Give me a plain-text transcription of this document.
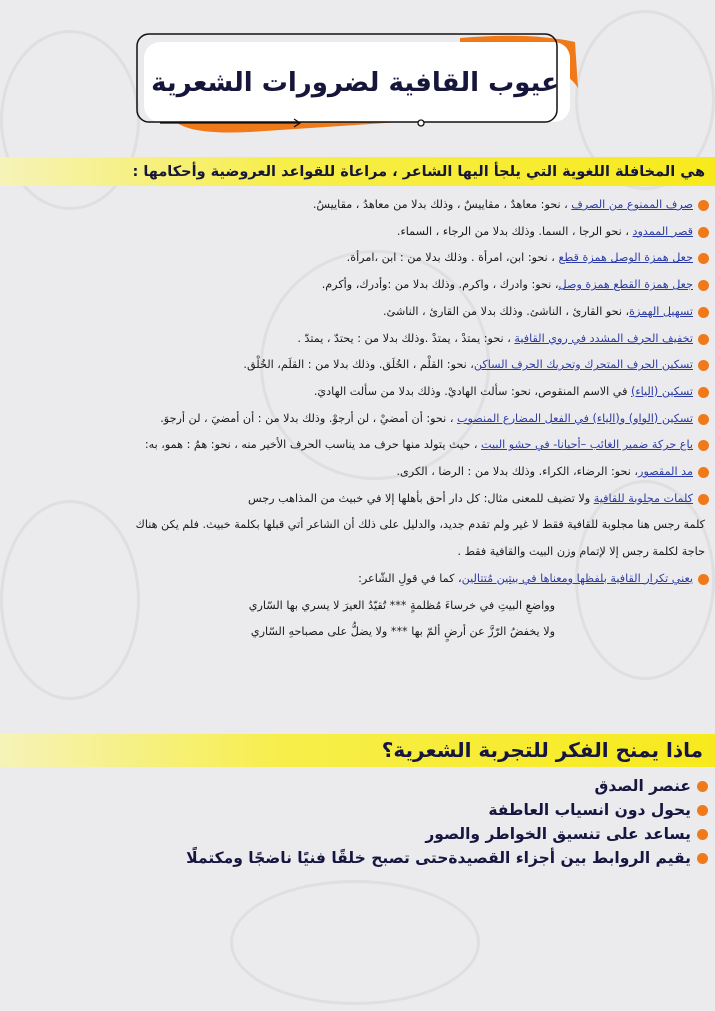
عيوب القافية لضرورات الشعرية
هي المخافلة اللغوية التي يلجأ اليها الشاعر ، مراعاة للقواعد العروضية وأحكامها :
صرف الممنوع من الصرف ، نحو: معاهدٌ ، مقاييسٌ ، وذلك بدلا من معاهدُ ، مقاييسُ.
قصر الممدود ، نحو الرجا ، السما. وذلك بدلا من الرجاء ، السماء.
جعل همزة الوصل همزة قطع ، نحو: ابن، امرأة . وذلك بدلا من : ابن ،امرأة.
جعل همزة القطع همزة وصل، نحو: وادرك ، واكرم. وذلك بدلا من :وأدرك، وأكرم.
تسهيل الهمزة، نحو القارئ ، الناشئ. وذلك بدلا من القارئ ، الناشئ.
تخفيف الحرف المشدد في روي القافية ، نحو: يمتدْ ، يمتدْ .وذلك بدلا من : يحتدّ ، يمتدّ .
تسكين الحرف المتحرك وتحريك الحرف الساكن، نحو: القلْم ، الخُلَق. وذلك بدلا من : القلَم، الخُلْق.
تسكين (الياء) في الاسم المنقوص، نحو: سألت الهاديْ. وذلك بدلا من سألت الهاديَ.
تسكين (الواو) و(الياء) في الفعل المضارع المنصوب ، نحو: أن أمضيْ ، لن أرجوْ. وذلك بدلا من : أن أمضيَ ، لن أرجوَ.
باع حركة ضمير الغائب –أحيانا- في حشو البيت ، حيث يتولد منها حرف مد يناسب الحرف الأخير منه ، نحو: همُ : همو، به:
مد المقصور، نحو: الرضاء، الكراء. وذلك بدلا من : الرضا ، الكرى.
كلمات مجلوبة للقافية ولا تضيف للمعنى مثال: كل دار أحق بأهلها إلا في خبيث من المذاهب رجس
كلمة رجس هنا مجلوبة للقافية فقط لا غير ولم تقدم جديد، والدليل على ذلك أن الشاعر أتي قبلها بكلمة خبيث. فلم يكن هناك
حاجة لكلمة رجس إلا لإتمام وزن البيت والقافية فقط .
يعني تكرار القافية بلفظها ومعناها في بيتين مُتتالين، كما في قولِ الشّاعر:
وواضعِ البيتِ في خرساءَ مُظلمةٍ *** تُقيّدُ العيرَ لا يسري بها السّاري
ولا يخفضُ الرّزَّ عن أرضٍ ألمّ بها *** ولا يضلُّ على مصباحهِ السّاري
ماذا يمنح الفكر للتجربة الشعرية؟
عنصر الصدق
يحول دون انسياب العاطفة
يساعد على تنسيق الخواطر والصور
يقيم الروابط بين أجزاء القصيدةحتى تصبح خلقًا فنيًا ناضجًا ومكتملًا
